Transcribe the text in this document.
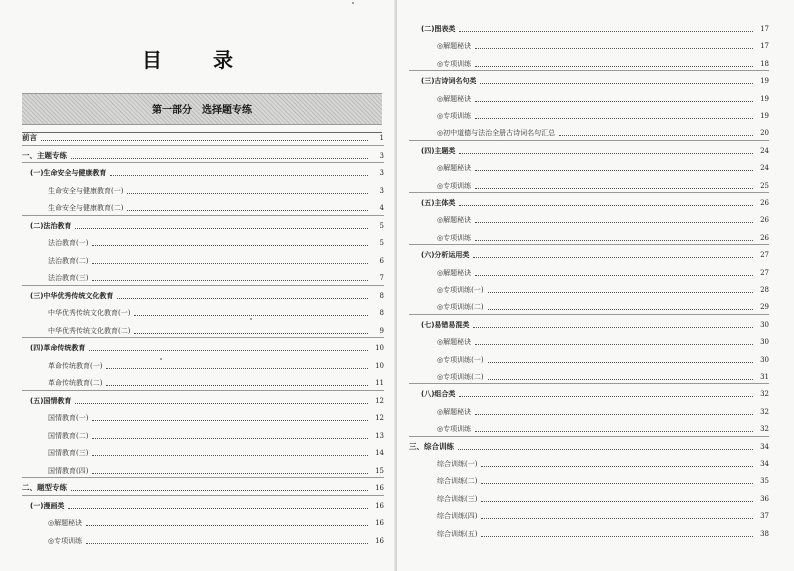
目 录
第一部分　选择题专练
前言	1
一、主题专练	3
(一)生命安全与健康教育	3
生命安全与健康教育(一)	3
生命安全与健康教育(二)	4
(二)法治教育	5
法治教育(一)	5
法治教育(二)	6
法治教育(三)	7
(三)中华优秀传统文化教育	8
中华优秀传统文化教育(一)	8
中华优秀传统文化教育(二)	9
(四)革命传统教育	10
革命传统教育(一)	10
革命传统教育(二)	11
(五)国情教育	12
国情教育(一)	12
国情教育(二)	13
国情教育(三)	14
国情教育(四)	15
二、题型专练	16
(一)漫画类	16
◎解题秘诀	16
◎专项训练	16
(二)图表类	17
◎解题秘诀	17
◎专项训练	18
(三)古诗词名句类	19
◎解题秘诀	19
◎专项训练	19
◎初中道德与法治全册古诗词名句汇总	20
(四)主题类	24
◎解题秘诀	24
◎专项训练	25
(五)主体类	26
◎解题秘诀	26
◎专项训练	26
(六)分析运用类	27
◎解题秘诀	27
◎专项训练(一)	28
◎专项训练(二)	29
(七)易错易混类	30
◎解题秘诀	30
◎专项训练(一)	30
◎专项训练(二)	31
(八)组合类	32
◎解题秘诀	32
◎专项训练	32
三、综合训练	34
综合训练(一)	34
综合训练(二)	35
综合训练(三)	36
综合训练(四)	37
综合训练(五)	38
